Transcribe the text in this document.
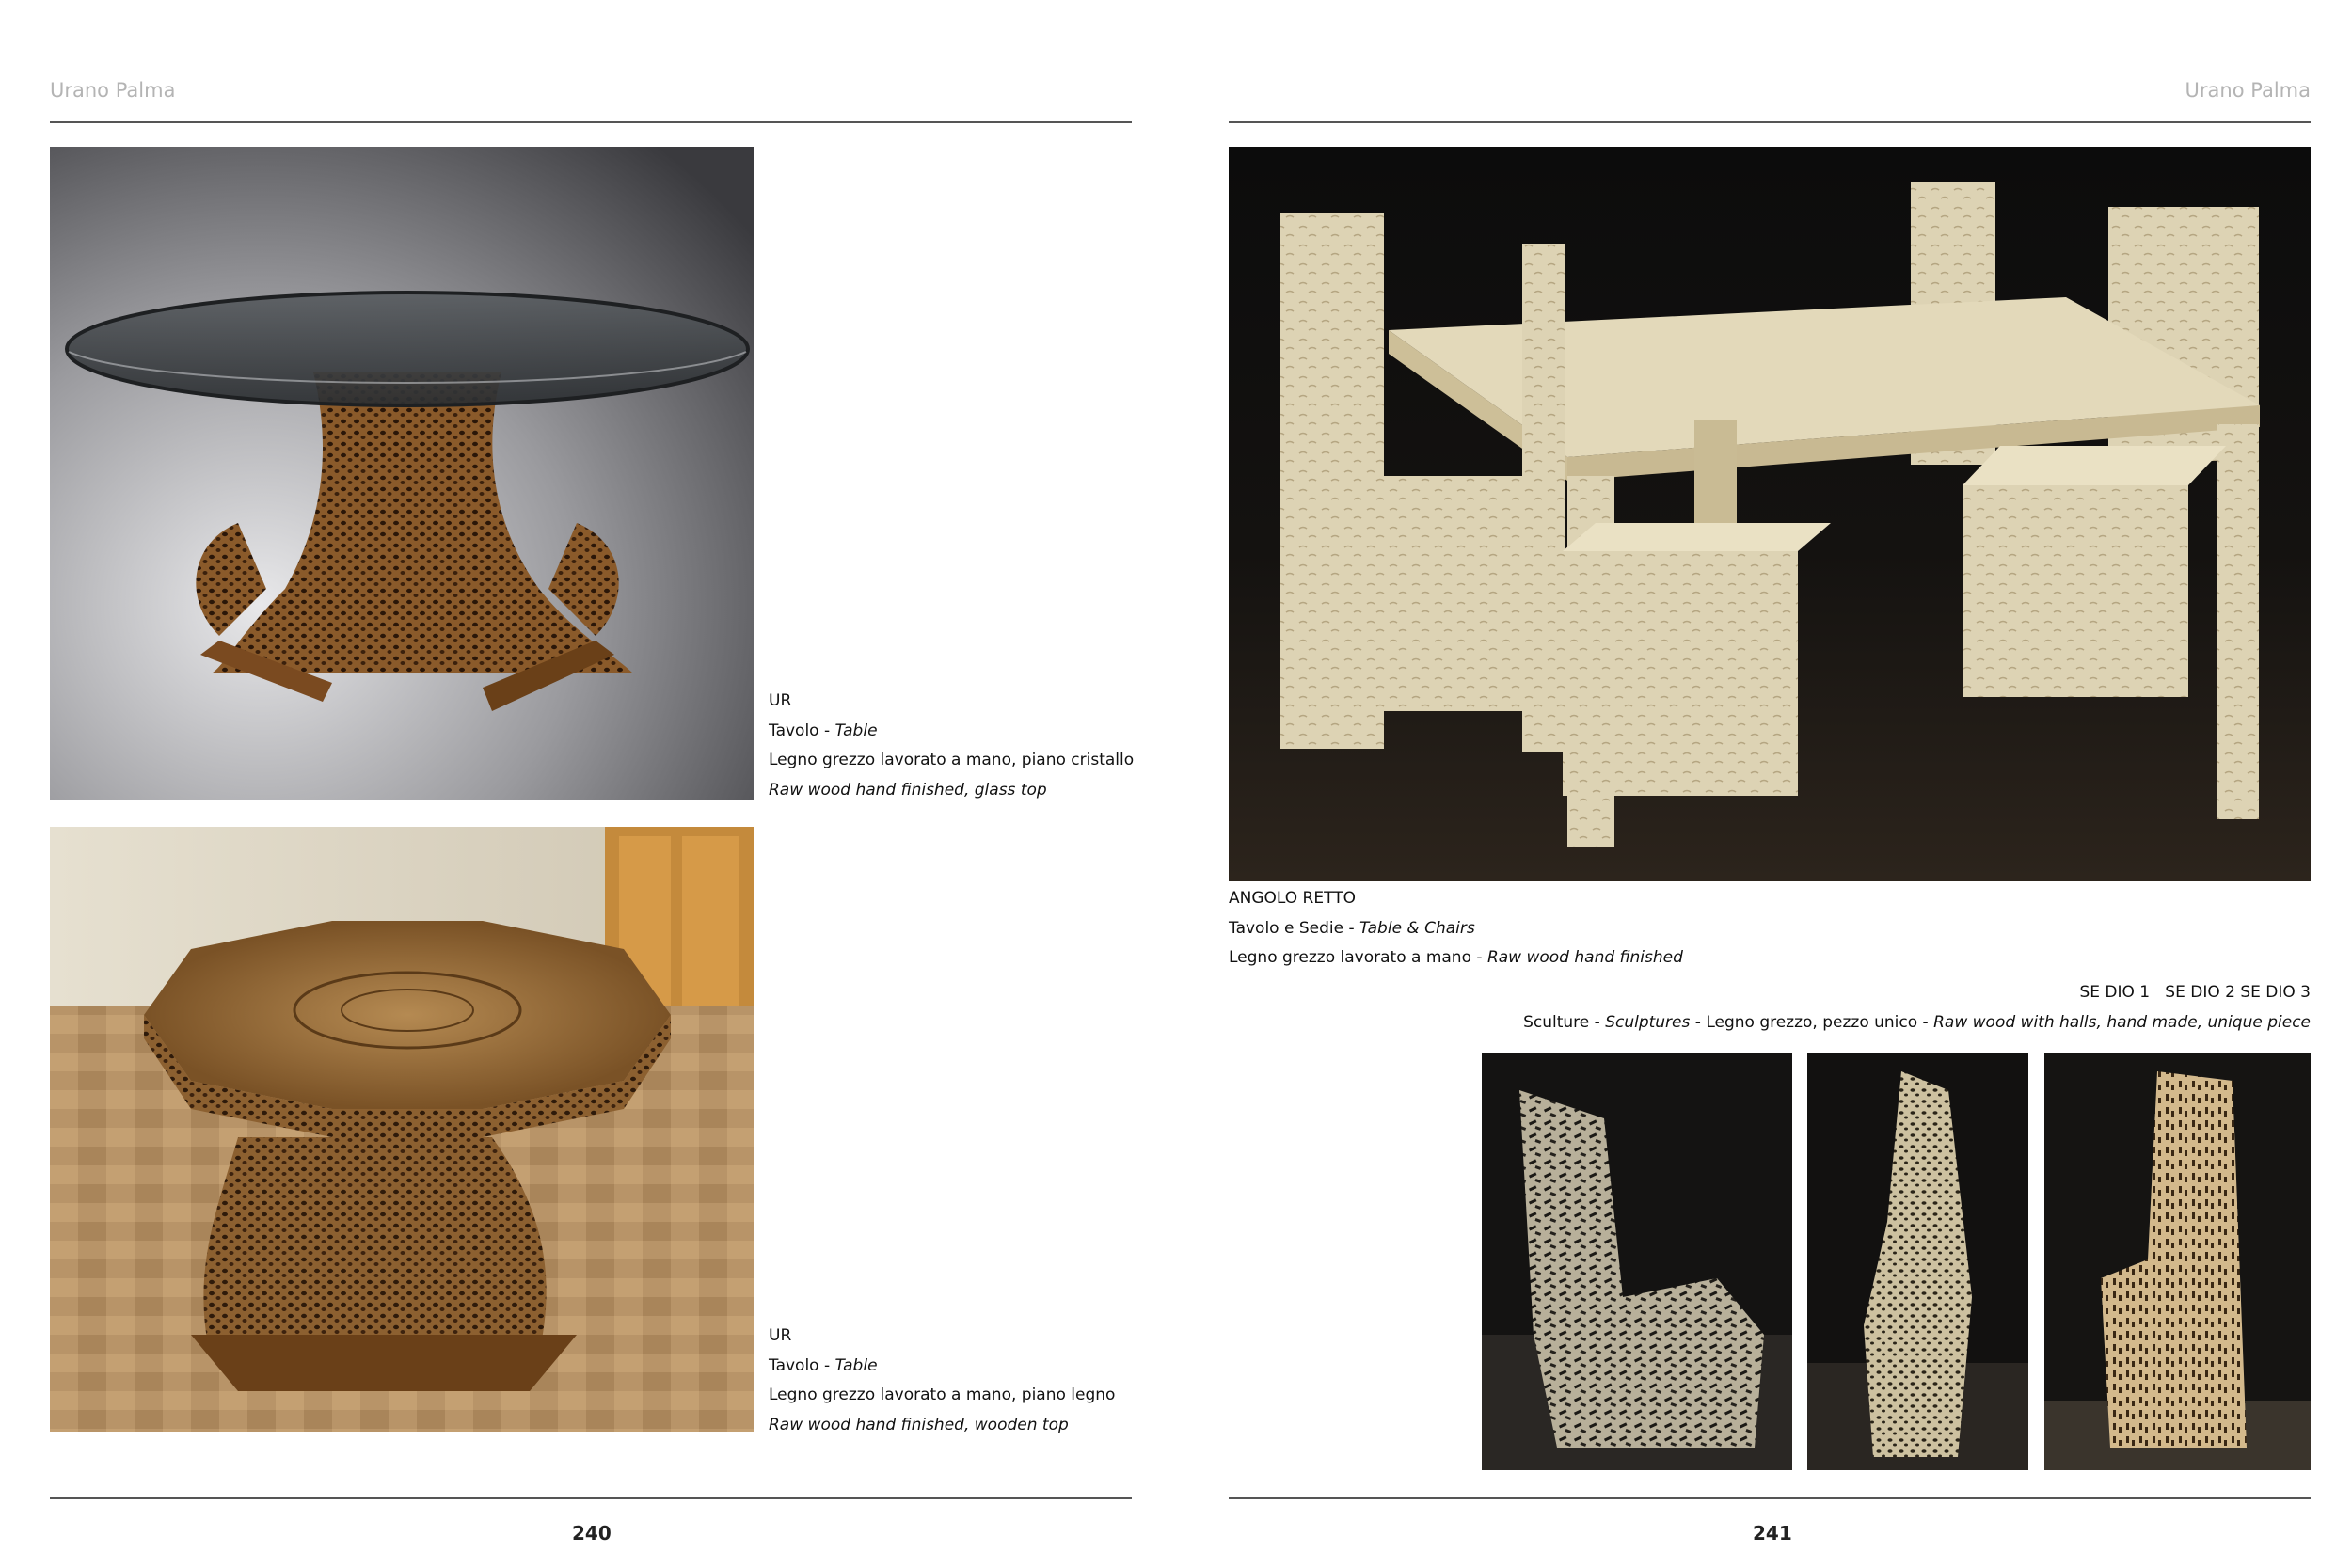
Urano Palma
UR
Tavolo - Table
Legno grezzo lavorato a mano, piano cristallo
Raw wood hand finished, glass top
UR
Tavolo - Table
Legno grezzo lavorato a mano, piano legno
Raw wood hand finished, wooden top
240
Urano Palma
ANGOLO RETTO
Tavolo e Sedie - Table & Chairs
Legno grezzo lavorato a mano - Raw wood hand finished
SE DIO 1   SE DIO 2 SE DIO 3
Sculture - Sculptures - Legno grezzo, pezzo unico - Raw wood with halls, hand made, unique piece
241
